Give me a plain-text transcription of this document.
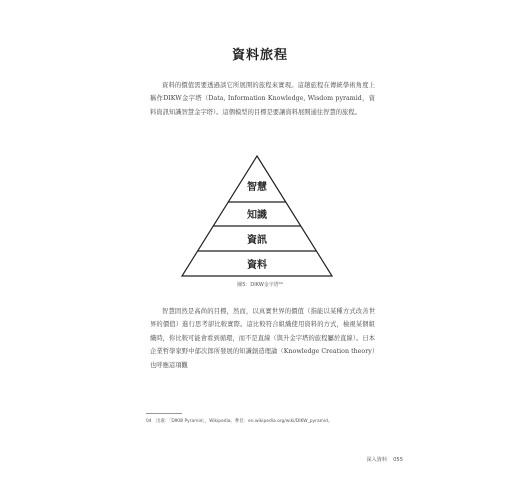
資料旅程

資料的價值需要透過談它所展開的旅程來實現。這趟旅程在傳統學術角度上稱作DIKW金字塔（Data, Information Knowledge, Wisdom pyramid，資料資訊知識智慧金字塔）。這個模型的目標是要讓資料展開通往智慧的旅程。

智慧
知識
資訊
資料
圖5：DIKW金字塔⁰⁴

智慧固然是高尚的目標，然而，以真實世界的價值（指能以某種方式改善世界的價值）進行思考卻比較實際。這比較符合組織使用資料的方式，檢視某個組織時，你比較可能會看到循環，而不是直線（與升金字塔的旅程屬於直線）。日本企業哲學家野中郁次郎所發展的知識創造理論（Knowledge Creation theory）也呼應這項觀

04　出處：「DIKW Pyramid」，Wikipedia。參見：en.wikipedia.org/wiki/DIKW_pyramid。
深入資料 055
